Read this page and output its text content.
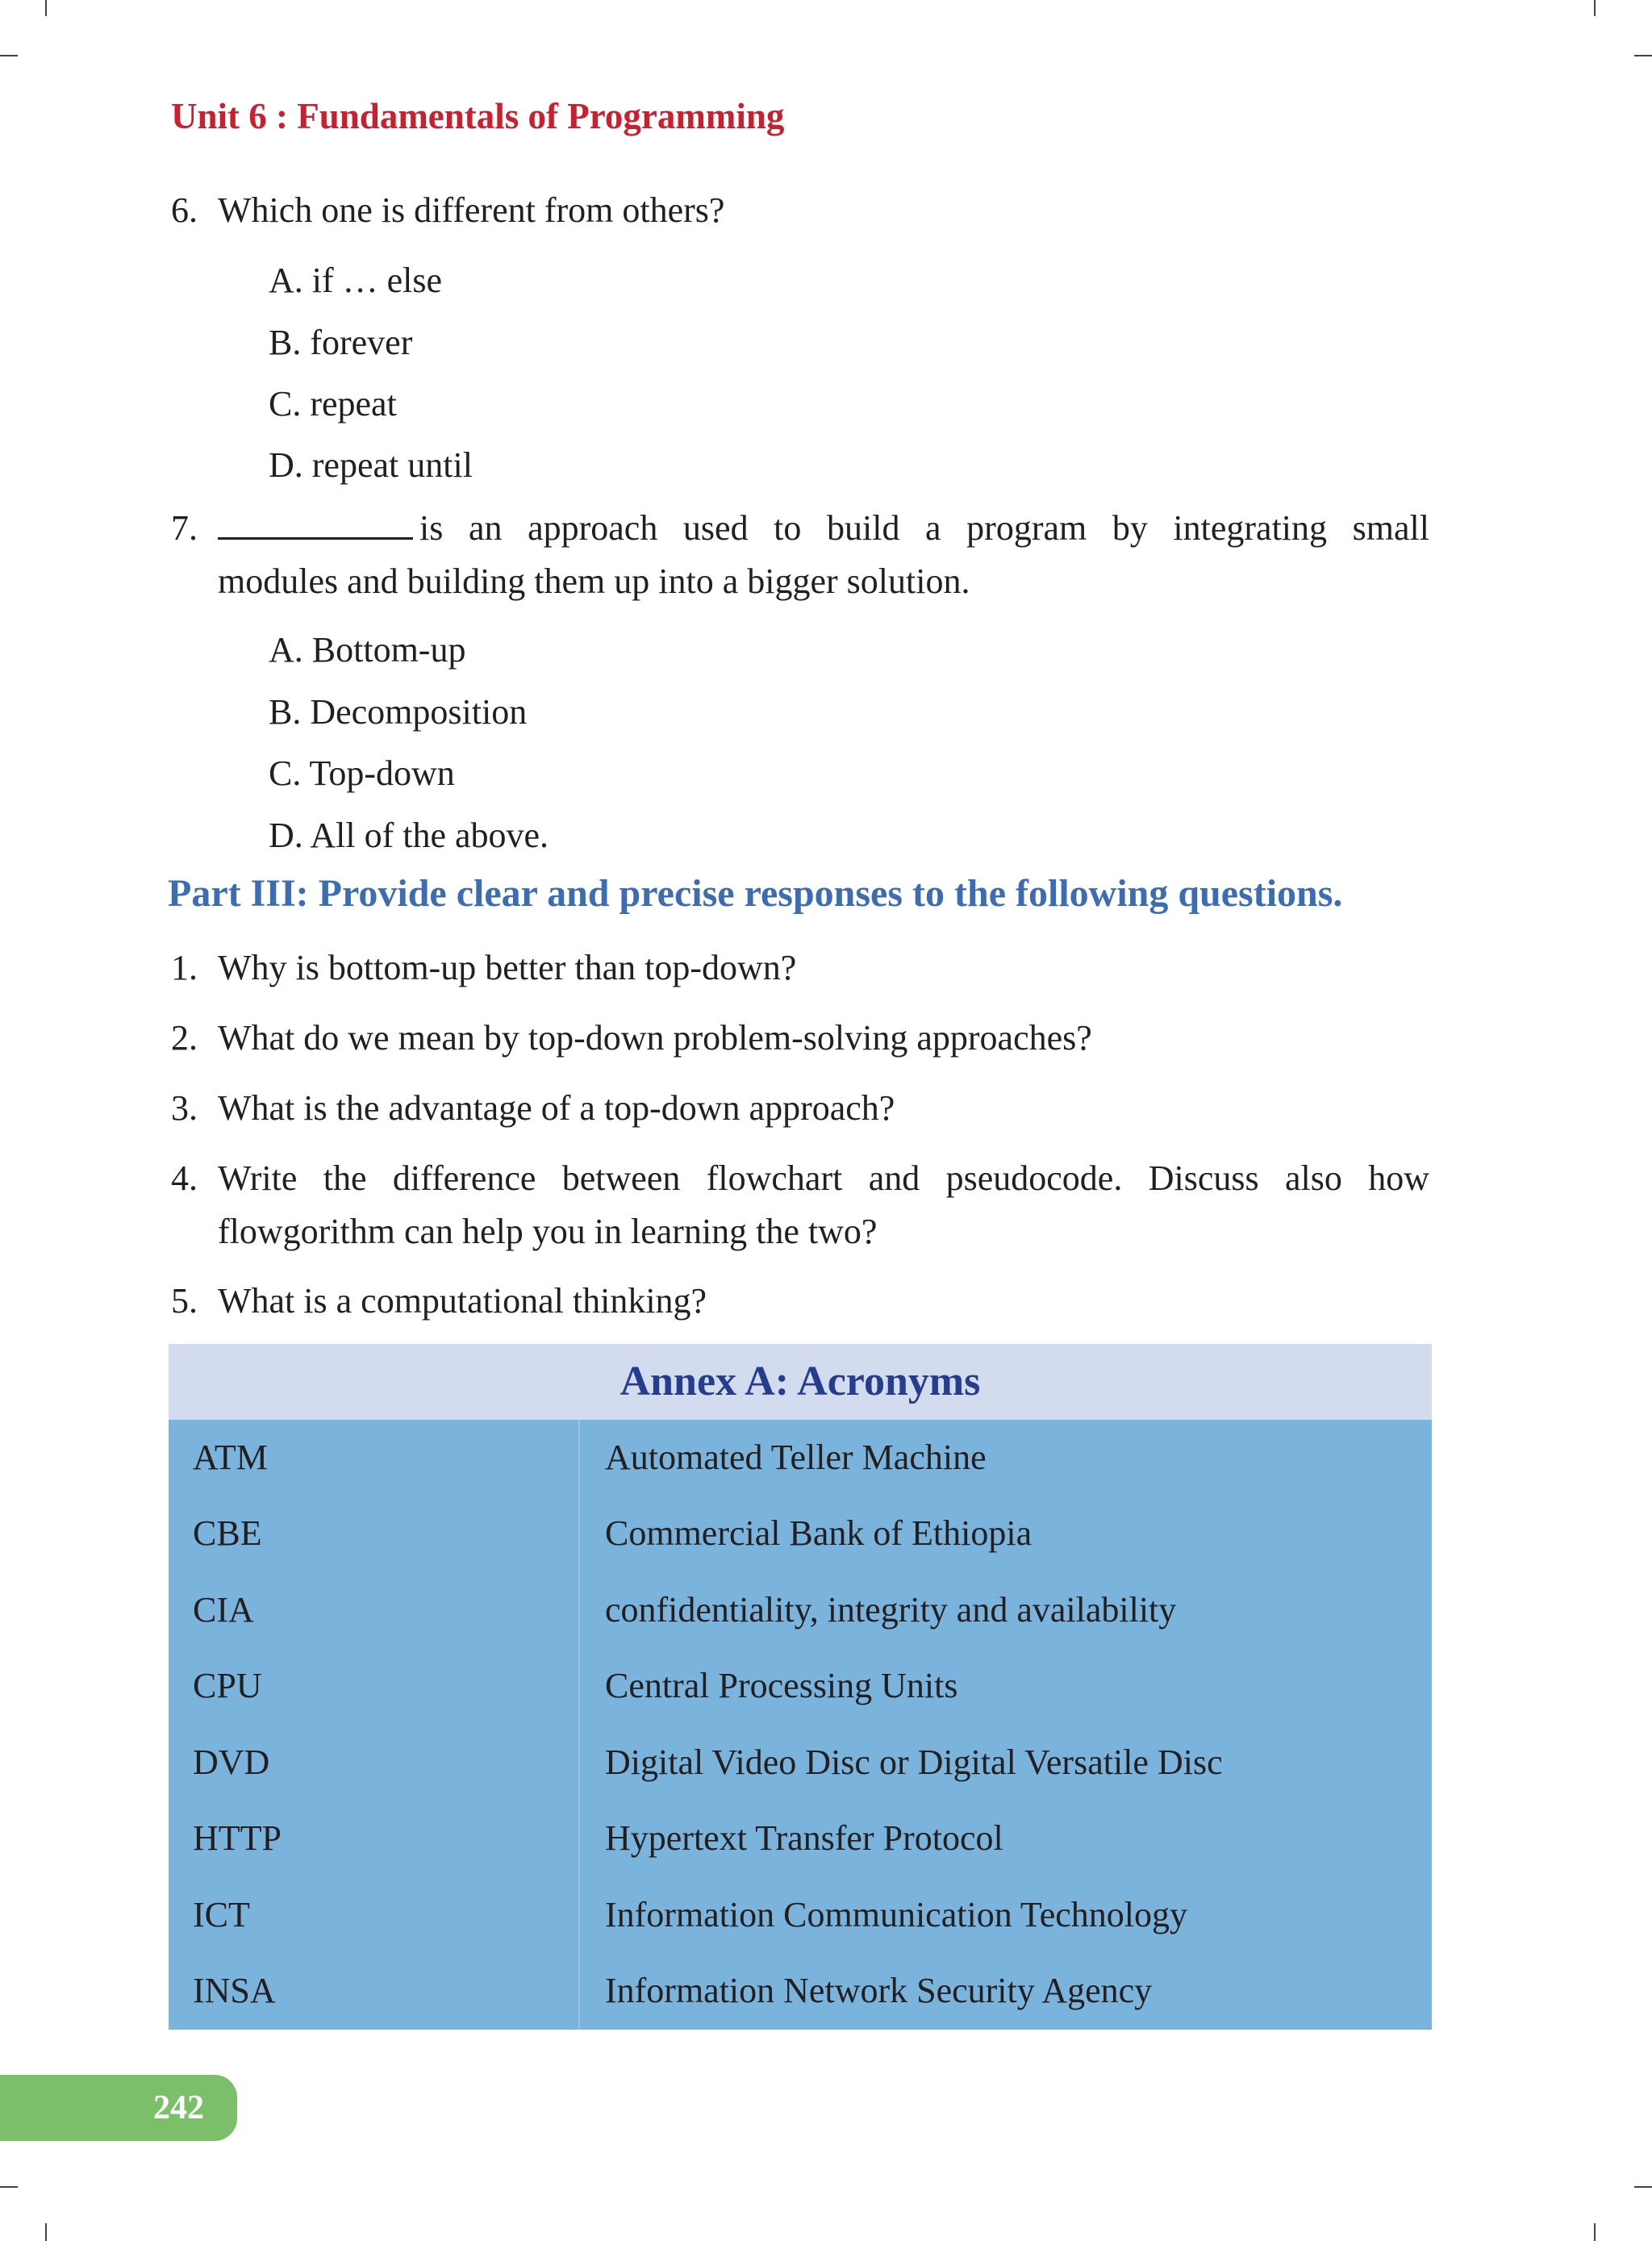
Unit 6 : Fundamentals of Programming
6. Which one is different from others?
A. if … else
B. forever
C. repeat
D. repeat until
7.	is an approach used to build a program by integrating small
modules and building them up into a bigger solution.
A. Bottom-up
B. Decomposition
C. Top-down
D. All of the above.
Part III: Provide clear and precise responses to the following questions.
1. Why is bottom-up better than top-down?
2. What do we mean by top-down problem-solving approaches?
3. What is the advantage of a top-down approach?
4. Write the difference between flowchart and pseudocode. Discuss also how
flowgorithm can help you in learning the two?
5. What is a computational thinking?
Annex A: Acronyms
ATM	Automated Teller Machine
CBE	Commercial Bank of Ethiopia
CIA	confidentiality, integrity and availability
CPU	Central Processing Units
DVD	Digital Video Disc or Digital Versatile Disc
HTTP	Hypertext Transfer Protocol
ICT	Information Communication Technology
INSA	Information Network Security Agency
242
